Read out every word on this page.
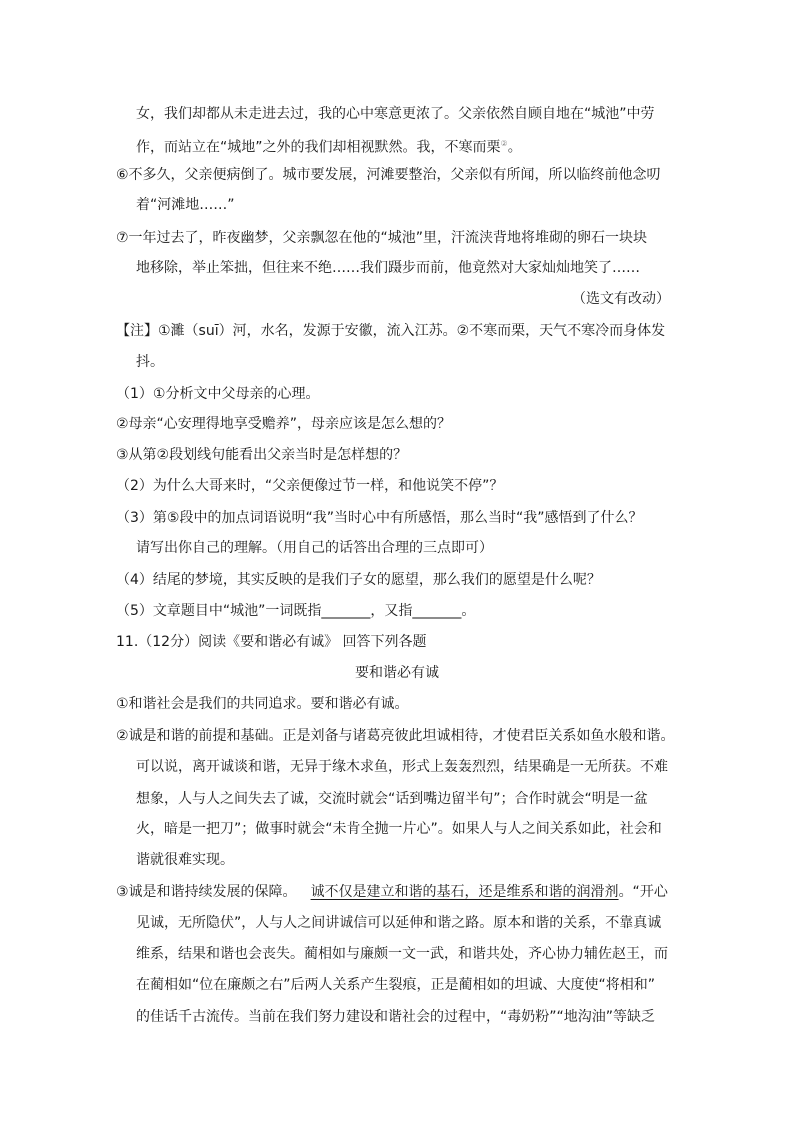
女，我们却都从未走进去过，我的心中寒意更浓了。父亲依然自顾自地在“城池”中劳
作，而站立在“城地”之外的我们却相视默然。我，不寒而栗②。
⑥不多久，父亲便病倒了。城市要发展，河滩要整治，父亲似有所闻，所以临终前他念叨
着“河滩地……”
⑦一年过去了，昨夜幽梦，父亲飘忽在他的“城池”里，汗流浃背地将堆砌的卵石一块块
地移除，举止笨拙，但往来不绝……我们蹑步而前，他竟然对大家灿灿地笑了……
（选文有改动）
【注】①濉（suī）河，水名，发源于安徽，流入江苏。②不寒而栗，天气不寒冷而身体发
抖。
（1）①分析文中父母亲的心理。
②母亲“心安理得地享受赡养”，母亲应该是怎么想的？
③从第②段划线句能看出父亲当时是怎样想的？
（2）为什么大哥来时，“父亲便像过节一样，和他说笑不停”？
（3）第⑤段中的加点词语说明“我”当时心中有所感悟，那么当时“我”感悟到了什么？
请写出你自己的理解。（用自己的话答出合理的三点即可）
（4）结尾的梦境，其实反映的是我们子女的愿望，那么我们的愿望是什么呢？
（5）文章题目中“城池”一词既指_______，又指_______。
11.（12分）阅读《要和谐必有诚》 回答下列各题
要和谐必有诚
①和谐社会是我们的共同追求。要和谐必有诚。
②诚是和谐的前提和基础。正是刘备与诸葛亮彼此坦诚相待，才使君臣关系如鱼水般和谐。
可以说，离开诚谈和谐，无异于缘木求鱼，形式上轰轰烈烈，结果确是一无所获。不难
想象，人与人之间失去了诚，交流时就会“话到嘴边留半句”；合作时就会“明是一盆
火，暗是一把刀”；做事时就会“未肯全抛一片心”。如果人与人之间关系如此，社会和
谐就很难实现。
③诚是和谐持续发展的保障。 诚不仅是建立和谐的基石，还是维系和谐的润滑剂。“开心
见诚，无所隐伏”，人与人之间讲诚信可以延伸和谐之路。原本和谐的关系，不靠真诚
维系，结果和谐也会丧失。蔺相如与廉颇一文一武，和谐共处，齐心协力辅佐赵王，而
在蔺相如“位在廉颇之右”后两人关系产生裂痕，正是蔺相如的坦诚、大度使“将相和”
的佳话千古流传。当前在我们努力建设和谐社会的过程中，“毒奶粉”“地沟油”等缺乏
